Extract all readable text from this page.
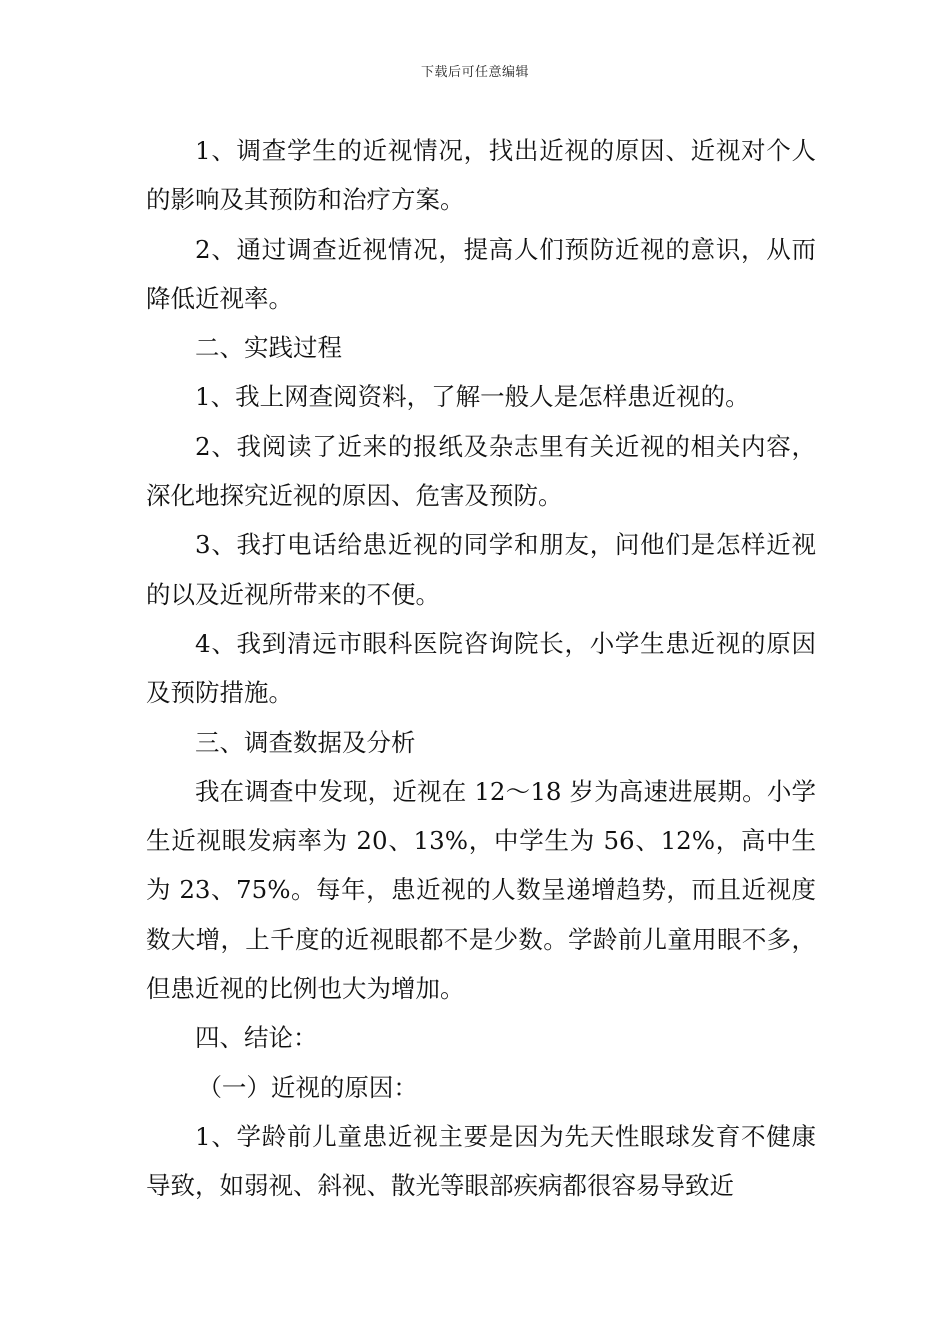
下载后可任意编辑

1、调查学生的近视情况，找出近视的原因、近视对个人的影响及其预防和治疗方案。

2、通过调查近视情况，提高人们预防近视的意识，从而降低近视率。

二、实践过程

1、我上网查阅资料，了解一般人是怎样患近视的。

2、我阅读了近来的报纸及杂志里有关近视的相关内容，深化地探究近视的原因、危害及预防。

3、我打电话给患近视的同学和朋友，问他们是怎样近视的以及近视所带来的不便。

4、我到清远市眼科医院咨询院长，小学生患近视的原因及预防措施。

三、调查数据及分析

我在调查中发现，近视在 12～18 岁为高速进展期。小学生近视眼发病率为 20、13%，中学生为 56、12%，高中生为 23、75%。每年，患近视的人数呈递增趋势，而且近视度数大增，上千度的近视眼都不是少数。学龄前儿童用眼不多，但患近视的比例也大为增加。

四、结论：

（一）近视的原因：

1、学龄前儿童患近视主要是因为先天性眼球发育不健康导致，如弱视、斜视、散光等眼部疾病都很容易导致近
